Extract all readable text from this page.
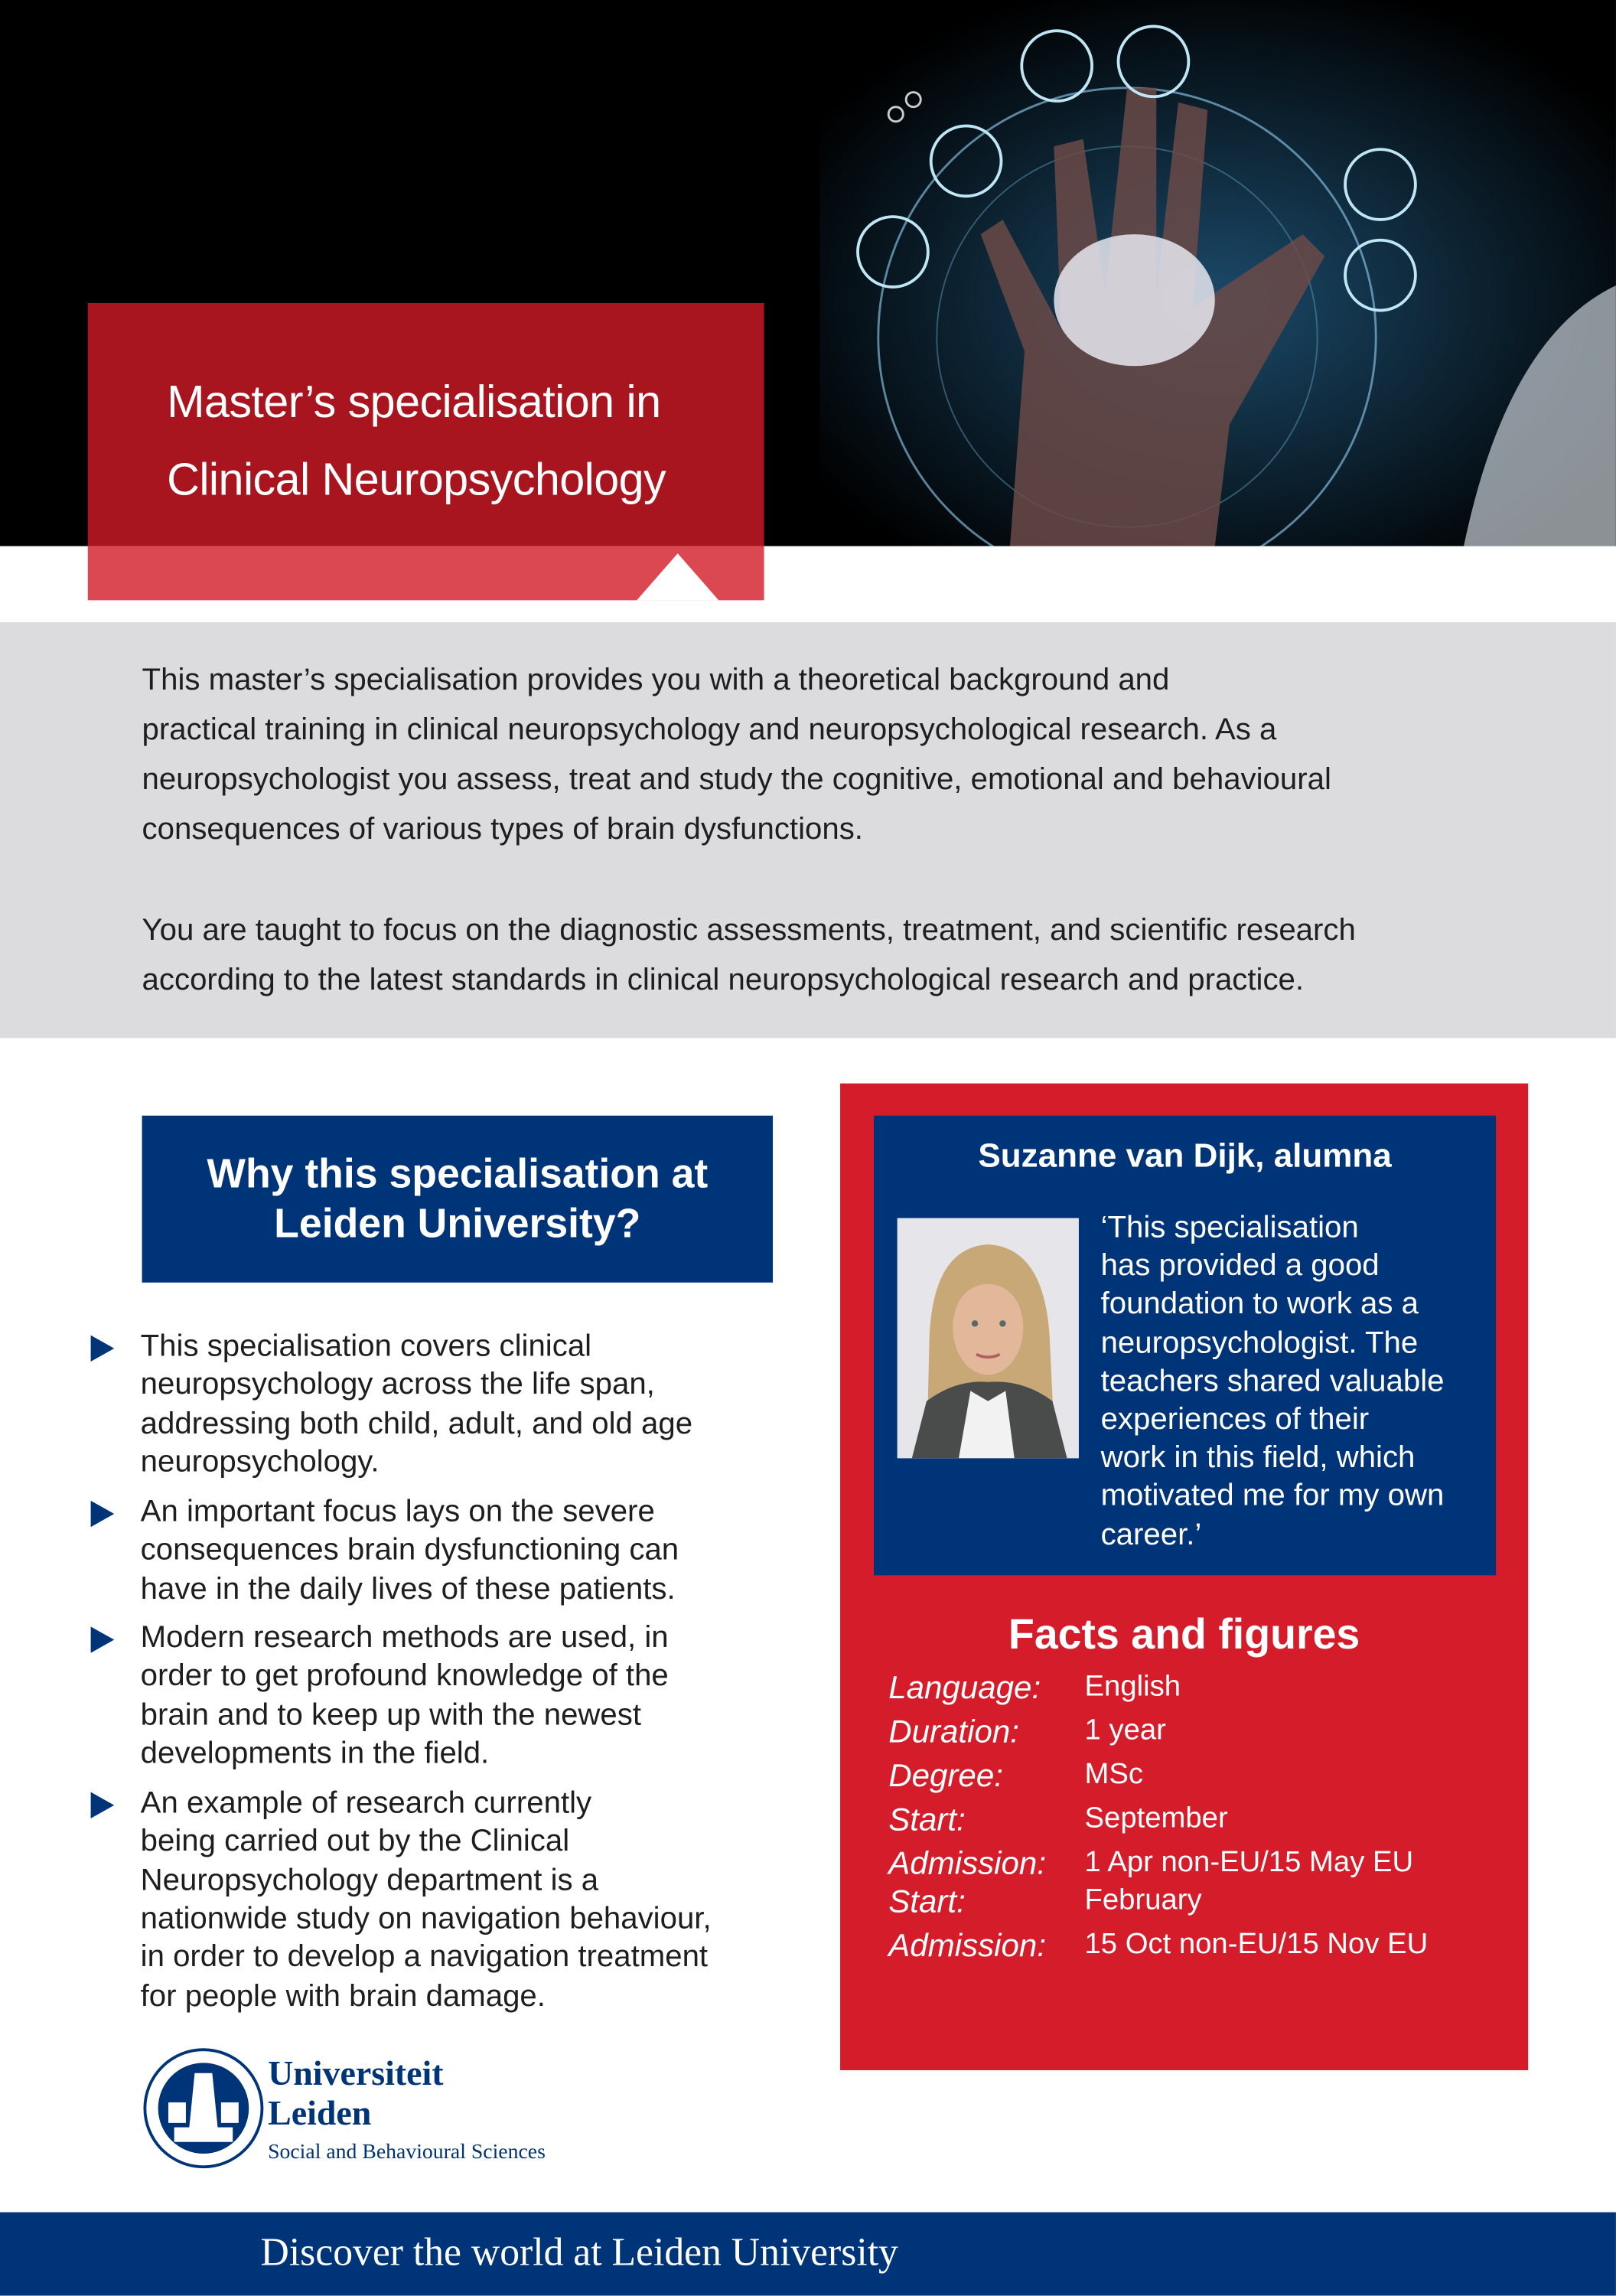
Master’s specialisation in
Clinical Neuropsychology
This master’s specialisation provides you with a theoretical background and
practical training in clinical neuropsychology and neuropsychological research. As a
neuropsychologist you assess, treat and study the cognitive, emotional and behavioural
consequences of various types of brain dysfunctions.
You are taught to focus on the diagnostic assessments, treatment, and scientific research
according to the latest standards in clinical neuropsychological research and practice.
Why this specialisation at
Leiden University?
This specialisation covers clinical
neuropsychology across the life span,
addressing both child, adult, and old age
neuropsychology.
An important focus lays on the severe
consequences brain dysfunctioning can
have in the daily lives of these patients.
Modern research methods are used, in
order to get profound knowledge of the
brain and to keep up with the newest
developments in the field.
An example of research currently
being carried out by the Clinical
Neuropsychology department is a
nationwide study on navigation behaviour,
in order to develop a navigation treatment
for people with brain damage.
Suzanne van Dijk, alumna
‘This specialisation
has provided a good
foundation to work as a
neuropsychologist. The
teachers shared valuable
experiences of their
work in this field, which
motivated me for my own
career.’
Facts and figures
Language:	English
Duration:	1 year
Degree:	MSc
Start:	September
Admission:	1 Apr non-EU/15 May EU
Start:	February
Admission:	15 Oct non-EU/15 Nov EU
Universiteit
Leiden
Social and Behavioural Sciences
Discover the world at Leiden University
